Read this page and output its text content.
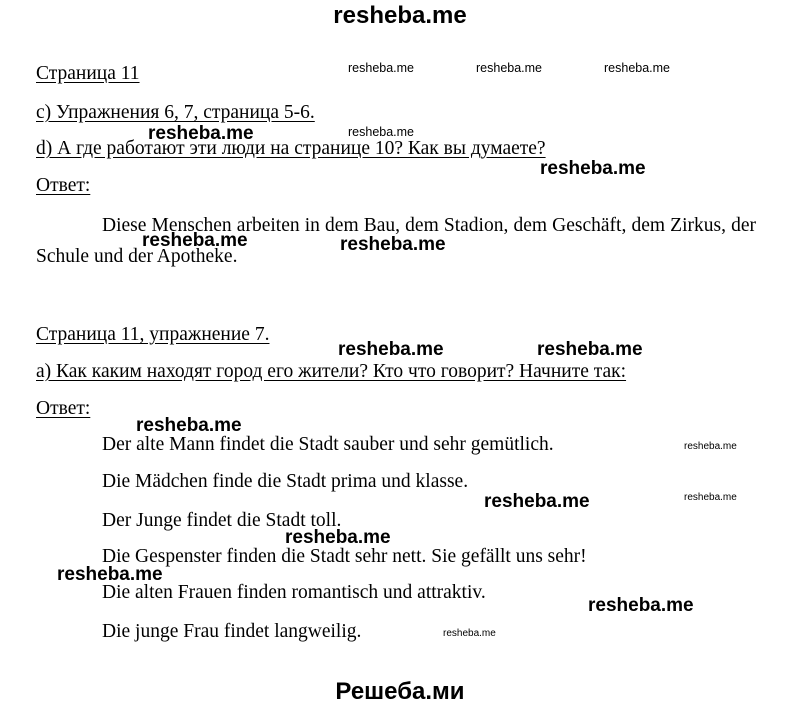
resheba.me
Страница 11
c) Упражнения 6, 7, страница 5-6.
d) А где работают эти люди на странице 10? Как вы думаете?
Ответ:
Diese Menschen arbeiten in dem Bau, dem Stadion, dem Geschäft, dem Zirkus, der Schule und der Apotheke.
Страница 11, упражнение 7.
а) Как каким находят город его жители? Кто что говорит? Начните так:
Ответ:
Der alte Mann findet die Stadt sauber und sehr gemütlich.
Die Mädchen finde die Stadt prima und klasse.
Der Junge findet die Stadt toll.
Die Gespenster finden die Stadt sehr nett. Sie gefällt uns sehr!
Die alten Frauen finden romantisch und attraktiv.
Die junge Frau findet langweilig.
resheba.me	resheba.me	resheba.me
resheba.me
resheba.me
resheba.me
resheba.me	resheba.me
resheba.me	resheba.me
resheba.me
resheba.me
resheba.me	resheba.me
resheba.me
resheba.me
resheba.me
resheba.me
Решеба.ми
